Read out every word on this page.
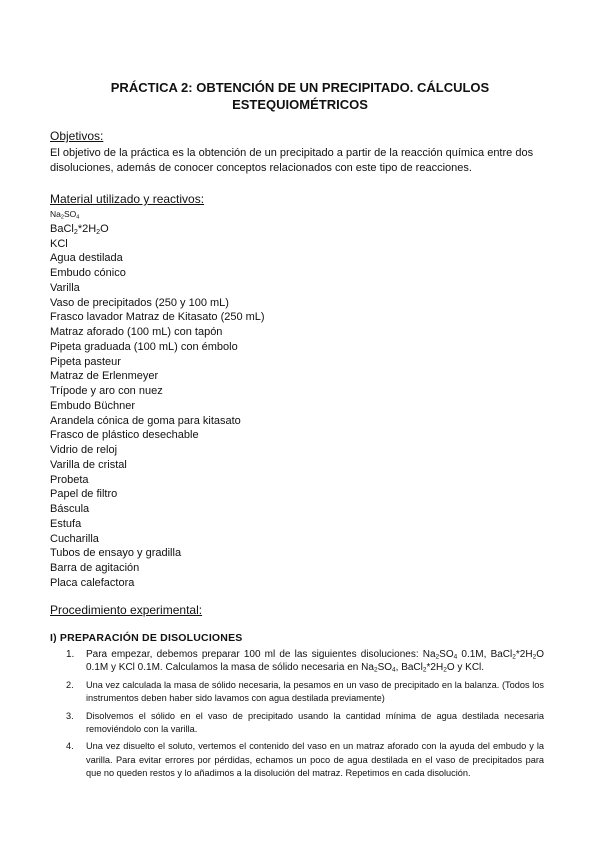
PRÁCTICA 2: OBTENCIÓN DE UN PRECIPITADO. CÁLCULOS
ESTEQUIOMÉTRICOS
Objetivos:
El objetivo de la práctica es la obtención de un precipitado a partir de la reacción química entre dos disoluciones, además de conocer conceptos relacionados con este tipo de reacciones.
Material utilizado y reactivos:
$Na_2SO_4$
$BaCl_2*2H_2O$
KCl
Agua destilada
Embudo cónico
Varilla
Vaso de precipitados (250 y 100 mL)
Frasco lavador Matraz de Kitasato (250 mL)
Matraz aforado (100 mL) con tapón
Pipeta graduada (100 mL) con émbolo
Pipeta pasteur
Matraz de Erlenmeyer
Trípode y aro con nuez
Embudo Büchner
Arandela cónica de goma para kitasato
Frasco de plástico desechable
Vidrio de reloj
Varilla de cristal
Probeta
Papel de filtro
Báscula
Estufa
Cucharilla
Tubos de ensayo y gradilla
Barra de agitación
Placa calefactora
Procedimiento experimental:
I) PREPARACIÓN DE DISOLUCIONES
1. Para empezar, debemos preparar 100 ml de las siguientes disoluciones: $Na_2SO_4$ 0.1M, $BaCl_2*2H_2O$ 0.1M y KCl 0.1M. Calculamos la masa de sólido necesaria en $Na_2SO_4$, $BaCl_2*2H_2O$ y KCl.
2. Una vez calculada la masa de sólido necesaria, la pesamos en un vaso de precipitado en la balanza. (Todos los instrumentos deben haber sido lavamos con agua destilada previamente)
3. Disolvemos el sólido en el vaso de precipitado usando la cantidad mínima de agua destilada necesaria removiéndolo con la varilla.
4. Una vez disuelto el soluto, vertemos el contenido del vaso en un matraz aforado con la ayuda del embudo y la varilla. Para evitar errores por pérdidas, echamos un poco de agua destilada en el vaso de precipitados para que no queden restos y lo añadimos a la disolución del matraz. Repetimos en cada disolución.
